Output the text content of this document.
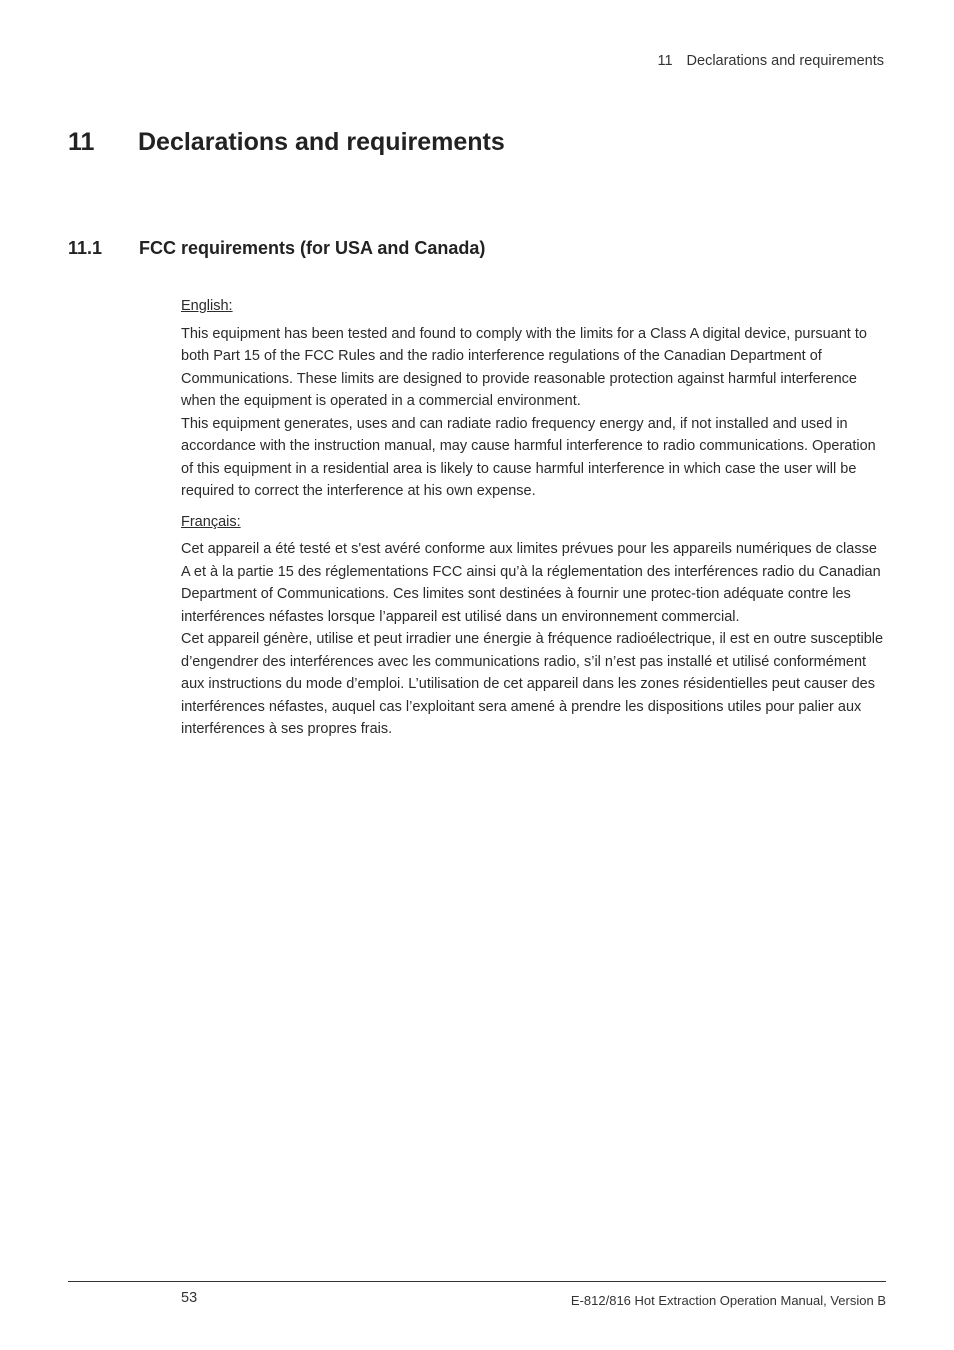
11 Declarations and requirements
11 Declarations and requirements
11.1 FCC requirements (for USA and Canada)

English:

This equipment has been tested and found to comply with the limits for a Class A digital device, pursuant to both Part 15 of the FCC Rules and the radio interference regulations of the Canadian Department of Communications. These limits are designed to provide reasonable protection against harmful interference when the equipment is operated in a commercial environment.

This equipment generates, uses and can radiate radio frequency energy and, if not installed and used in accordance with the instruction manual, may cause harmful interference to radio communications. Operation of this equipment in a residential area is likely to cause harmful interference in which case the user will be required to correct the interference at his own expense.

Français:

Cet appareil a été testé et s'est avéré conforme aux limites prévues pour les appareils numériques de classe A et à la partie 15 des réglementations FCC ainsi qu’à la réglementation des interférences radio du Canadian Department of Communications. Ces limites sont destinées à fournir une protec-tion adéquate contre les interférences néfastes lorsque l’appareil est utilisé dans un environnement commercial.

Cet appareil génère, utilise et peut irradier une énergie à fréquence radioélectrique, il est en outre susceptible d’engendrer des interférences avec les communications radio, s’il n’est pas installé et utilisé conformément aux instructions du mode d’emploi. L’utilisation de cet appareil dans les zones résidentielles peut causer des interférences néfastes, auquel cas l’exploitant sera amené à prendre les dispositions utiles pour palier aux interférences à ses propres frais.

53	E-812/816 Hot Extraction Operation Manual, Version B
